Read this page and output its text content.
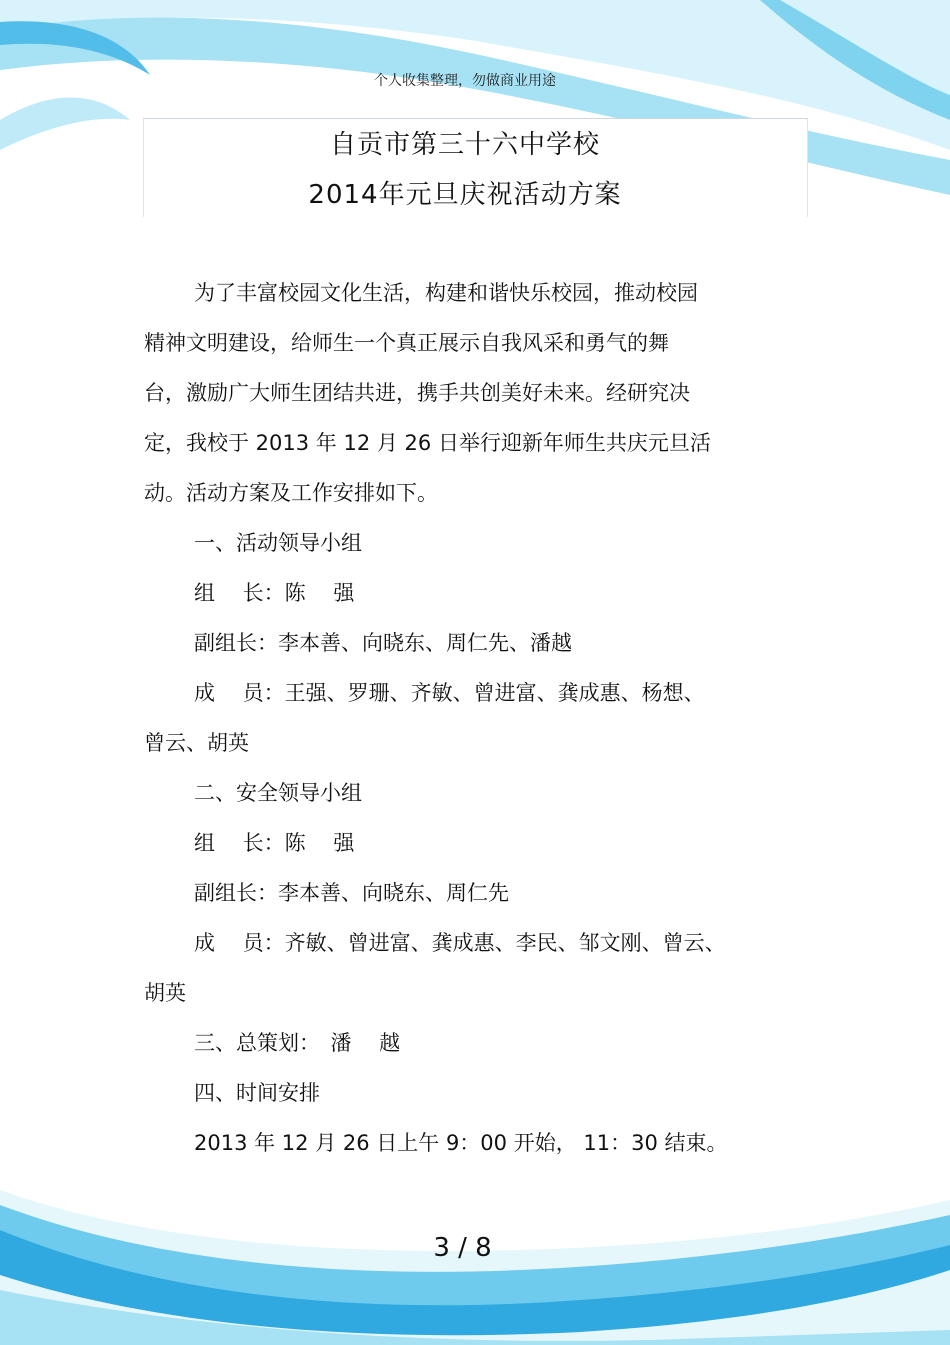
个人收集整理，勿做商业用途
自贡市第三十六中学校
2014年元旦庆祝活动方案

为了丰富校园文化生活，构建和谐快乐校园，推动校园

精神文明建设，给师生一个真正展示自我风采和勇气的舞

台，激励广大师生团结共进，携手共创美好未来。经研究决

定，我校于 2013 年 12 月 26 日举行迎新年师生共庆元旦活

动。活动方案及工作安排如下。

一、活动领导小组

组　 长：陈　 强

副组长：李本善、向晓东、周仁先、潘越

成　 员：王强、罗珊、齐敏、曾进富、龚成惠、杨想、

曾云、胡英

二、安全领导小组

组　 长：陈　 强

副组长：李本善、向晓东、周仁先

成　 员：齐敏、曾进富、龚成惠、李民、邹文刚、曾云、

胡英

三、总策划：　潘　 越

四、时间安排

2013 年 12 月 26 日上午 9：00 开始， 11：30 结束。

3 / 8
